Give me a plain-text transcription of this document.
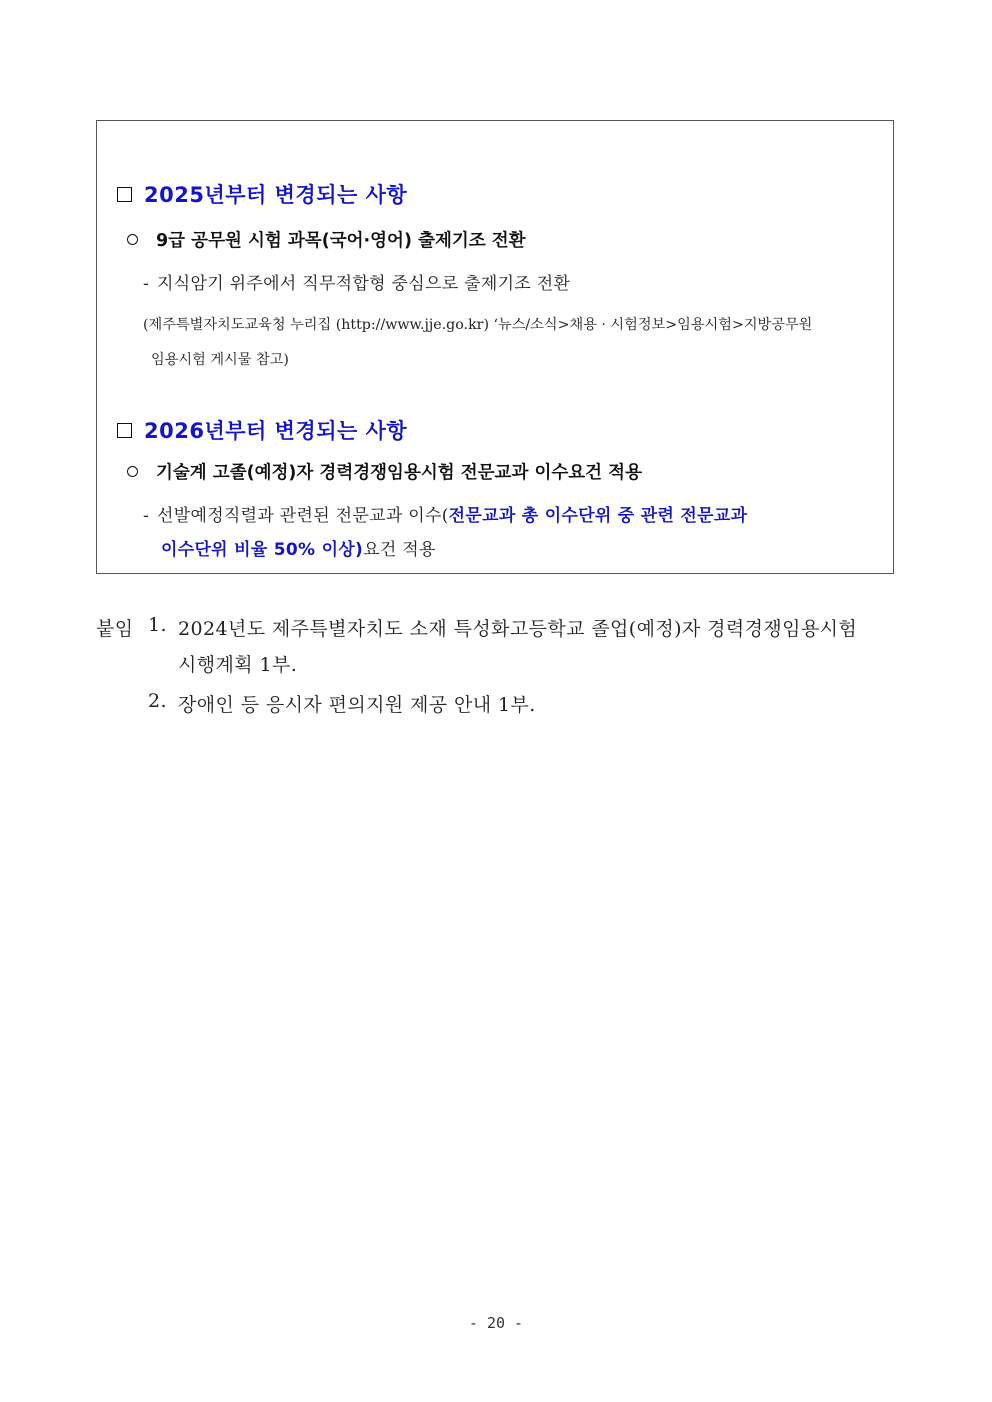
2025년부터 변경되는 사항
9급 공무원 시험 과목(국어·영어) 출제기조 전환
- 지식암기 위주에서 직무적합형 중심으로 출제기조 전환
(제주특별자치도교육청 누리집 (http://www.jje.go.kr) ‘뉴스/소식>채용 · 시험정보>임용시험>지방공무원
임용시험 게시물 참고)
2026년부터 변경되는 사항
기술계 고졸(예정)자 경력경쟁임용시험 전문교과 이수요건 적용
- 선발예정직렬과 관련된 전문교과 이수(전문교과 총 이수단위 중 관련 전문교과
이수단위 비율 50% 이상)요건 적용
붙임 1. 2024년도 제주특별자치도 소재 특성화고등학교 졸업(예정)자 경력경쟁임용시험
시행계획 1부.
2. 장애인 등 응시자 편의지원 제공 안내 1부.
- 20 -
